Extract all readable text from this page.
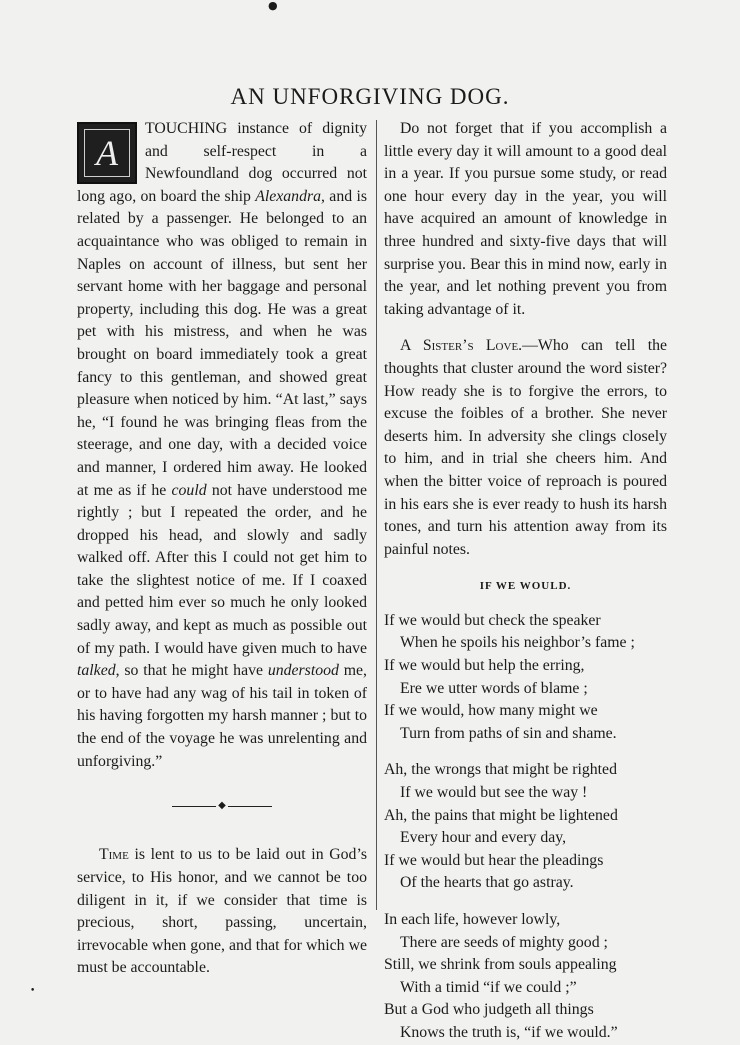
●
•
AN UNFORGIVING DOG.

A
TOUCHING instance of dignity and self-respect in a Newfoundland dog occurred not long ago, on board the ship Alexandra, and is related by a passenger. He belonged to an acquaintance who was obliged to remain in Naples on account of illness, but sent her servant home with her baggage and personal property, including this dog. He was a great pet with his mistress, and when he was brought on board immediately took a great fancy to this gentleman, and showed great pleasure when noticed by him. “At last,” says he, “I found he was bringing fleas from the steerage, and one day, with a decided voice and manner, I ordered him away. He looked at me as if he could not have understood me rightly ; but I repeated the order, and he dropped his head, and slowly and sadly walked off. After this I could not get him to take the slightest notice of me. If I coaxed and petted him ever so much he only looked sadly away, and kept as much as possible out of my path. I would have given much to have talked, so that he might have understood me, or to have had any wag of his tail in token of his having forgotten my harsh manner ; but to the end of the voyage he was unrelenting and unforgiving.”

◆

Time is lent to us to be laid out in God’s service, to His honor, and we cannot be too diligent in it, if we consider that time is precious, short, passing, uncertain, irrevocable when gone, and that for which we must be accountable.

Do not forget that if you accomplish a little every day it will amount to a good deal in a year. If you pursue some study, or read one hour every day in the year, you will have acquired an amount of knowledge in three hundred and sixty-five days that will surprise you. Bear this in mind now, early in the year, and let nothing prevent you from taking advantage of it.

A Sister’s Love.—Who can tell the thoughts that cluster around the word sister? How ready she is to forgive the errors, to excuse the foibles of a brother. She never deserts him. In adversity she clings closely to him, and in trial she cheers him. And when the bitter voice of reproach is poured in his ears she is ever ready to hush its harsh tones, and turn his attention away from its painful notes.

IF WE WOULD.
If we would but check the speaker
When he spoils his neighbor’s fame ;
If we would but help the erring,
Ere we utter words of blame ;
If we would, how many might we
Turn from paths of sin and shame.
Ah, the wrongs that might be righted
If we would but see the way !
Ah, the pains that might be lightened
Every hour and every day,
If we would but hear the pleadings
Of the hearts that go astray.
In each life, however lowly,
There are seeds of mighty good ;
Still, we shrink from souls appealing
With a timid “if we could ;”
But a God who judgeth all things
Knows the truth is, “if we would.”
